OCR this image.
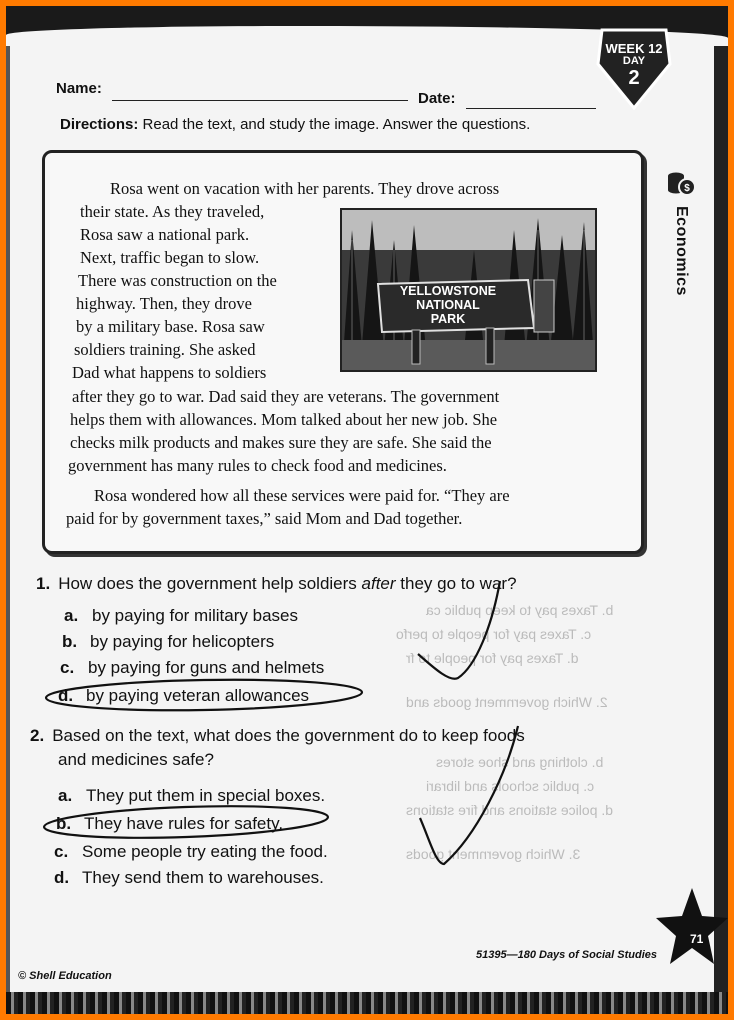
WEEK 12
DAY
2
Name:
Date:
Directions: Read the text, and study the image. Answer the questions.
$
Economics
Rosa went on vacation with her parents. They drove across
their state. As they traveled,
Rosa saw a national park.
Next, traffic began to slow.
There was construction on the
highway. Then, they drove
by a military base. Rosa saw
soldiers training. She asked
Dad what happens to soldiers
after they go to war. Dad said they are veterans. The government
helps them with allowances. Mom talked about her new job. She
checks milk products and makes sure they are safe. She said the
government has many rules to check food and medicines.
Rosa wondered how all these services were paid for. “They are
paid for by government taxes,” said Mom and Dad together.
YELLOWSTONE
NATIONAL
PARK
b. Taxes pay to keep public ca
c. Taxes pay for people to perfo
d. Taxes pay for people to fr
2. Which government goods and
b. clothing and shoe stores
c. public schools and librari
d. police stations and fire stations
3. Which government goods
1. How does the government help soldiers after they go to war?
a. by paying for military bases
b. by paying for helicopters
c. by paying for guns and helmets
d. by paying veteran allowances
2. Based on the text, what does the government do to keep foods
and medicines safe?
a. They put them in special boxes.
b. They have rules for safety.
c. Some people try eating the food.
d. They send them to warehouses.
© Shell Education
51395—180 Days of Social Studies
71
